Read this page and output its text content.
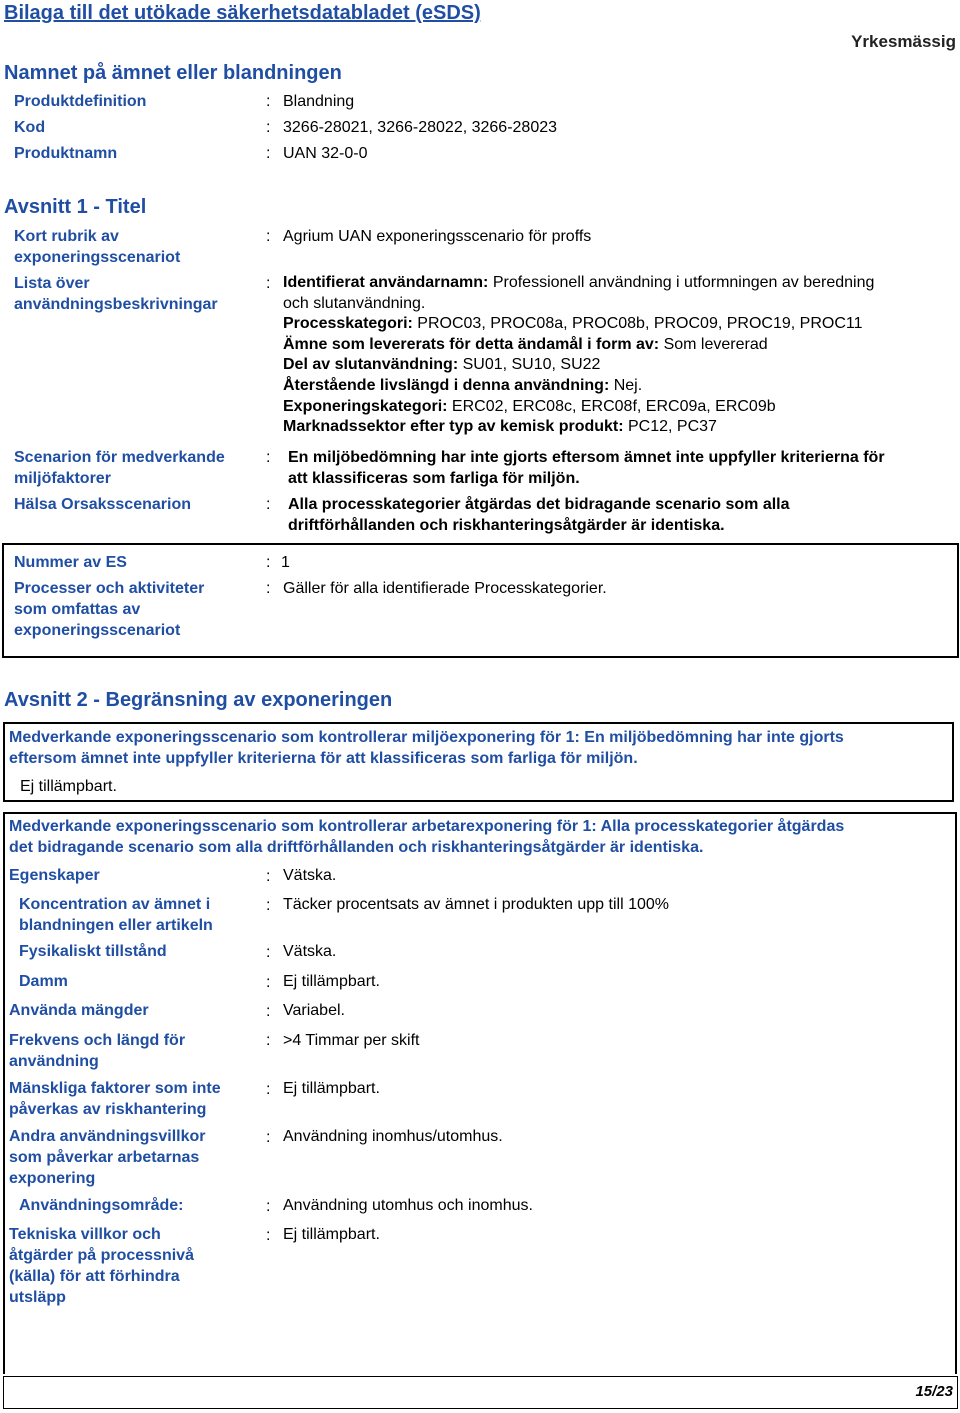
Bilaga till det utökade säkerhetsdatabladet (eSDS)
Yrkesmässig
Namnet på ämnet eller blandningen
Produktdefinition	: Blandning
Kod	: 3266-28021, 3266-28022, 3266-28023
Produktnamn	: UAN 32-0-0
Avsnitt 1 - Titel
Kort rubrik av
exponeringsscenariot
: Agrium UAN exponeringsscenario för proffs
Lista över
användningsbeskrivningar
: Identifierat användarnamn: Professionell användning i utformningen av beredning
och slutanvändning.
Processkategori: PROC03, PROC08a, PROC08b, PROC09, PROC19, PROC11
Ämne som levererats för detta ändamål i form av: Som levererad
Del av slutanvändning: SU01, SU10, SU22
Återstående livslängd i denna användning: Nej.
Exponeringskategori: ERC02, ERC08c, ERC08f, ERC09a, ERC09b
Marknadssektor efter typ av kemisk produkt: PC12, PC37
Scenarion för medverkande
miljöfaktorer
: En miljöbedömning har inte gjorts eftersom ämnet inte uppfyller kriterierna för
att klassificeras som farliga för miljön.
Hälsa Orsaksscenarion	: Alla processkategorier åtgärdas det bidragande scenario som alla
driftförhållanden och riskhanteringsåtgärder är identiska.
Nummer av ES	: 1
Processer och aktiviteter
som omfattas av
exponeringsscenariot
: Gäller för alla identifierade Processkategorier.
Avsnitt 2 - Begränsning av exponeringen
Medverkande exponeringsscenario som kontrollerar miljöexponering för 1: En miljöbedömning har inte gjorts
eftersom ämnet inte uppfyller kriterierna för att klassificeras som farliga för miljön.
Ej tillämpbart.
Medverkande exponeringsscenario som kontrollerar arbetarexponering för 1: Alla processkategorier åtgärdas
det bidragande scenario som alla driftförhållanden och riskhanteringsåtgärder är identiska.
Egenskaper	: Vätska.
Koncentration av ämnet i
blandningen eller artikeln
: Täcker procentsats av ämnet i produkten upp till 100%
Fysikaliskt tillstånd	: Vätska.
Damm	: Ej tillämpbart.
Använda mängder	: Variabel.
Frekvens och längd för
användning
: >4 Timmar per skift
Mänskliga faktorer som inte
påverkas av riskhantering
: Ej tillämpbart.
Andra användningsvillkor
som påverkar arbetarnas
exponering
: Användning inomhus/utomhus.
Användningsområde:	: Användning utomhus och inomhus.
Tekniska villkor och
åtgärder på processnivå
(källa) för att förhindra
utsläpp
: Ej tillämpbart.
15/23
